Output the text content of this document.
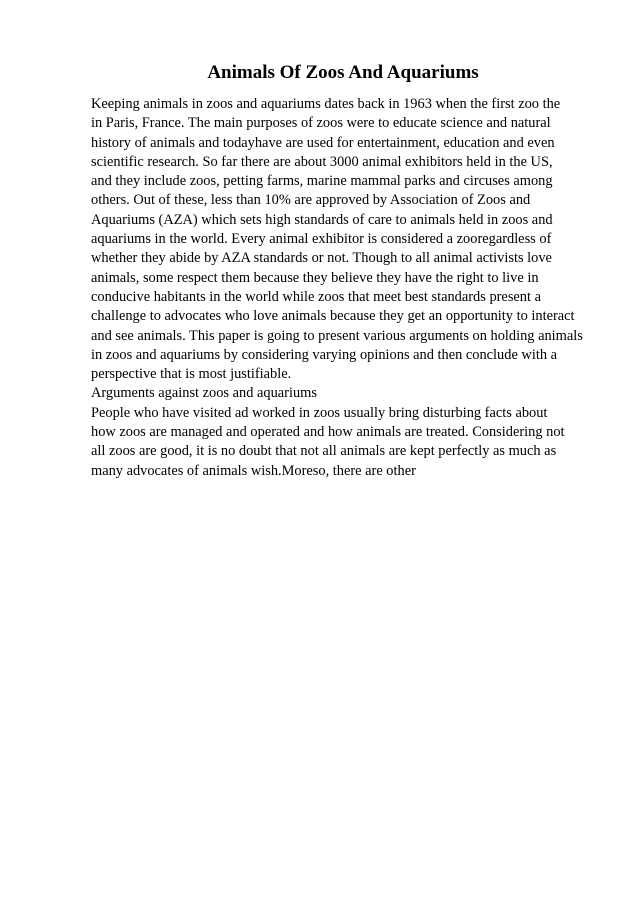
Animals Of Zoos And Aquariums
Keeping animals in zoos and aquariums dates back in 1963 when the first zoo the
in Paris, France. The main purposes of zoos were to educate science and natural
history of animals and todayhave are used for entertainment, education and even
scientific research. So far there are about 3000 animal exhibitors held in the US,
and they include zoos, petting farms, marine mammal parks and circuses among
others. Out of these, less than 10% are approved by Association of Zoos and
Aquariums (AZA) which sets high standards of care to animals held in zoos and
aquariums in the world. Every animal exhibitor is considered a zooregardless of
whether they abide by AZA standards or not. Though to all animal activists love
animals, some respect them because they believe they have the right to live in
conducive habitants in the world while zoos that meet best standards present a
challenge to advocates who love animals because they get an opportunity to interact
and see animals. This paper is going to present various arguments on holding animals
in zoos and aquariums by considering varying opinions and then conclude with a
perspective that is most justifiable.
Arguments against zoos and aquariums
People who have visited ad worked in zoos usually bring disturbing facts about
how zoos are managed and operated and how animals are treated. Considering not
all zoos are good, it is no doubt that not all animals are kept perfectly as much as
many advocates of animals wish.Moreso, there are other
